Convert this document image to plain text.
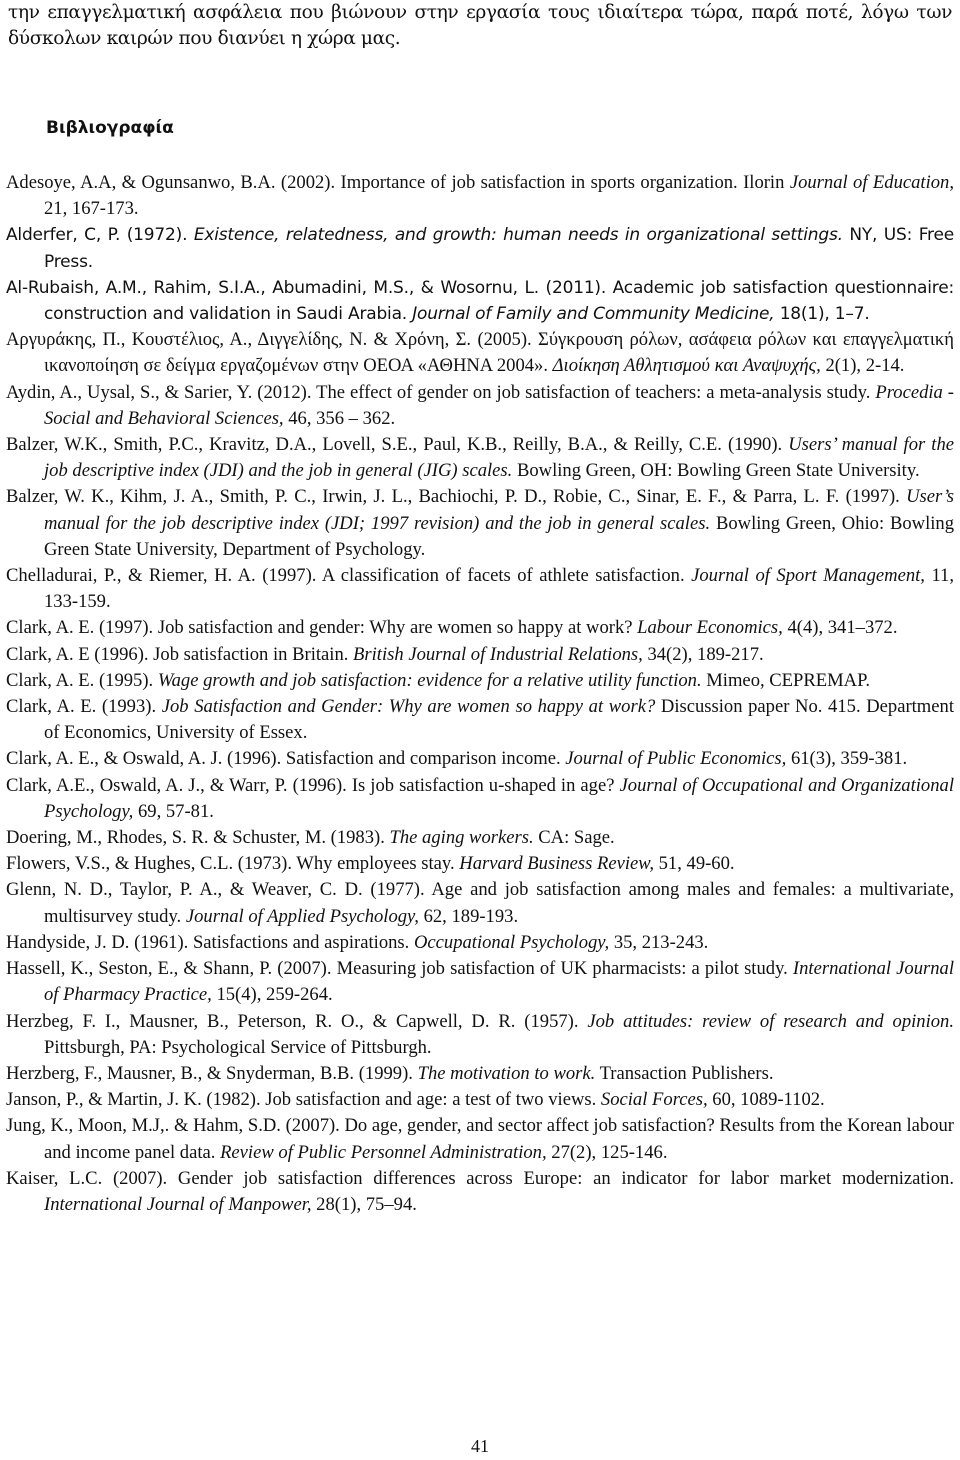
την επαγγελματική ασφάλεια που βιώνουν στην εργασία τους ιδιαίτερα τώρα, παρά ποτέ, λόγω των δύσκολων καιρών που διανύει η χώρα μας.
Βιβλιογραφία

Adesoye, A.A, & Ogunsanwo, B.A. (2002). Importance of job satisfaction in sports organization. Ilorin Journal of Education, 21, 167-173.

Alderfer, C, P. (1972). Existence, relatedness, and growth: human needs in organizational settings. NY, US: Free Press.

Al-Rubaish, A.M., Rahim, S.I.A., Abumadini, M.S., & Wosornu, L. (2011). Academic job satisfaction questionnaire: construction and validation in Saudi Arabia. Journal of Family and Community Medicine, 18(1), 1–7.

Αργυράκης, Π., Κουστέλιος, Α., Διγγελίδης, Ν. & Χρόνη, Σ. (2005). Σύγκρουση ρόλων, ασάφεια ρόλων και επαγγελματική ικανοποίηση σε δείγμα εργαζομένων στην ΟΕΟΑ «ΑΘΗΝΑ 2004». Διοίκηση Αθλητισμού και Αναψυχής, 2(1), 2-14.

Aydin, A., Uysal, S., & Sarier, Y. (2012). The effect of gender on job satisfaction of teachers: a meta-analysis study. Procedia - Social and Behavioral Sciences, 46, 356 – 362.

Balzer, W.K., Smith, P.C., Kravitz, D.A., Lovell, S.E., Paul, K.B., Reilly, B.A., & Reilly, C.E. (1990). Users’ manual for the job descriptive index (JDI) and the job in general (JIG) scales. Bowling Green, OH: Bowling Green State University.

Balzer, W. K., Kihm, J. A., Smith, P. C., Irwin, J. L., Bachiochi, P. D., Robie, C., Sinar, E. F., & Parra, L. F. (1997). User’s manual for the job descriptive index (JDI; 1997 revision) and the job in general scales. Bowling Green, Ohio: Bowling Green State University, Department of Psychology.

Chelladurai, P., & Riemer, H. A. (1997). A classification of facets of athlete satisfaction. Journal of Sport Management, 11, 133-159.

Clark, A. E. (1997). Job satisfaction and gender: Why are women so happy at work? Labour Economics, 4(4), 341–372.

Clark, A. E (1996). Job satisfaction in Britain. British Journal of Industrial Relations, 34(2), 189-217.

Clark, A. E. (1995). Wage growth and job satisfaction: evidence for a relative utility function. Mimeo, CEPREMAP.

Clark, A. E. (1993). Job Satisfaction and Gender: Why are women so happy at work? Discussion paper No. 415. Department of Economics, University of Essex.

Clark, A. E., & Oswald, A. J. (1996). Satisfaction and comparison income. Journal of Public Economics, 61(3), 359-381.

Clark, A.E., Oswald, A. J., & Warr, P. (1996). Is job satisfaction u-shaped in age? Journal of Occupational and Organizational Psychology, 69, 57-81.

Doering, M., Rhodes, S. R. & Schuster, M. (1983). The aging workers. CA: Sage.

Flowers, V.S., & Hughes, C.L. (1973). Why employees stay. Harvard Business Review, 51, 49-60.

Glenn, N. D., Taylor, P. A., & Weaver, C. D. (1977). Age and job satisfaction among males and females: a multivariate, multisurvey study. Journal of Applied Psychology, 62, 189-193.

Handyside, J. D. (1961). Satisfactions and aspirations. Occupational Psychology, 35, 213-243.

Hassell, K., Seston, E., & Shann, P. (2007). Measuring job satisfaction of UK pharmacists: a pilot study. International Journal of Pharmacy Practice, 15(4), 259-264.

Herzbeg, F. I., Mausner, B., Peterson, R. O., & Capwell, D. R. (1957). Job attitudes: review of research and opinion. Pittsburgh, PA: Psychological Service of Pittsburgh.

Herzberg, F., Mausner, B., & Snyderman, B.B. (1999). The motivation to work. Transaction Publishers.

Janson, P., & Martin, J. K. (1982). Job satisfaction and age: a test of two views. Social Forces, 60, 1089-1102.

Jung, K., Moon, M.J,. & Hahm, S.D. (2007). Do age, gender, and sector affect job satisfaction? Results from the Korean labour and income panel data. Review of Public Personnel Administration, 27(2), 125-146.

Kaiser, L.C. (2007). Gender job satisfaction differences across Europe: an indicator for labor market modernization. International Journal of Manpower, 28(1), 75–94.

41
